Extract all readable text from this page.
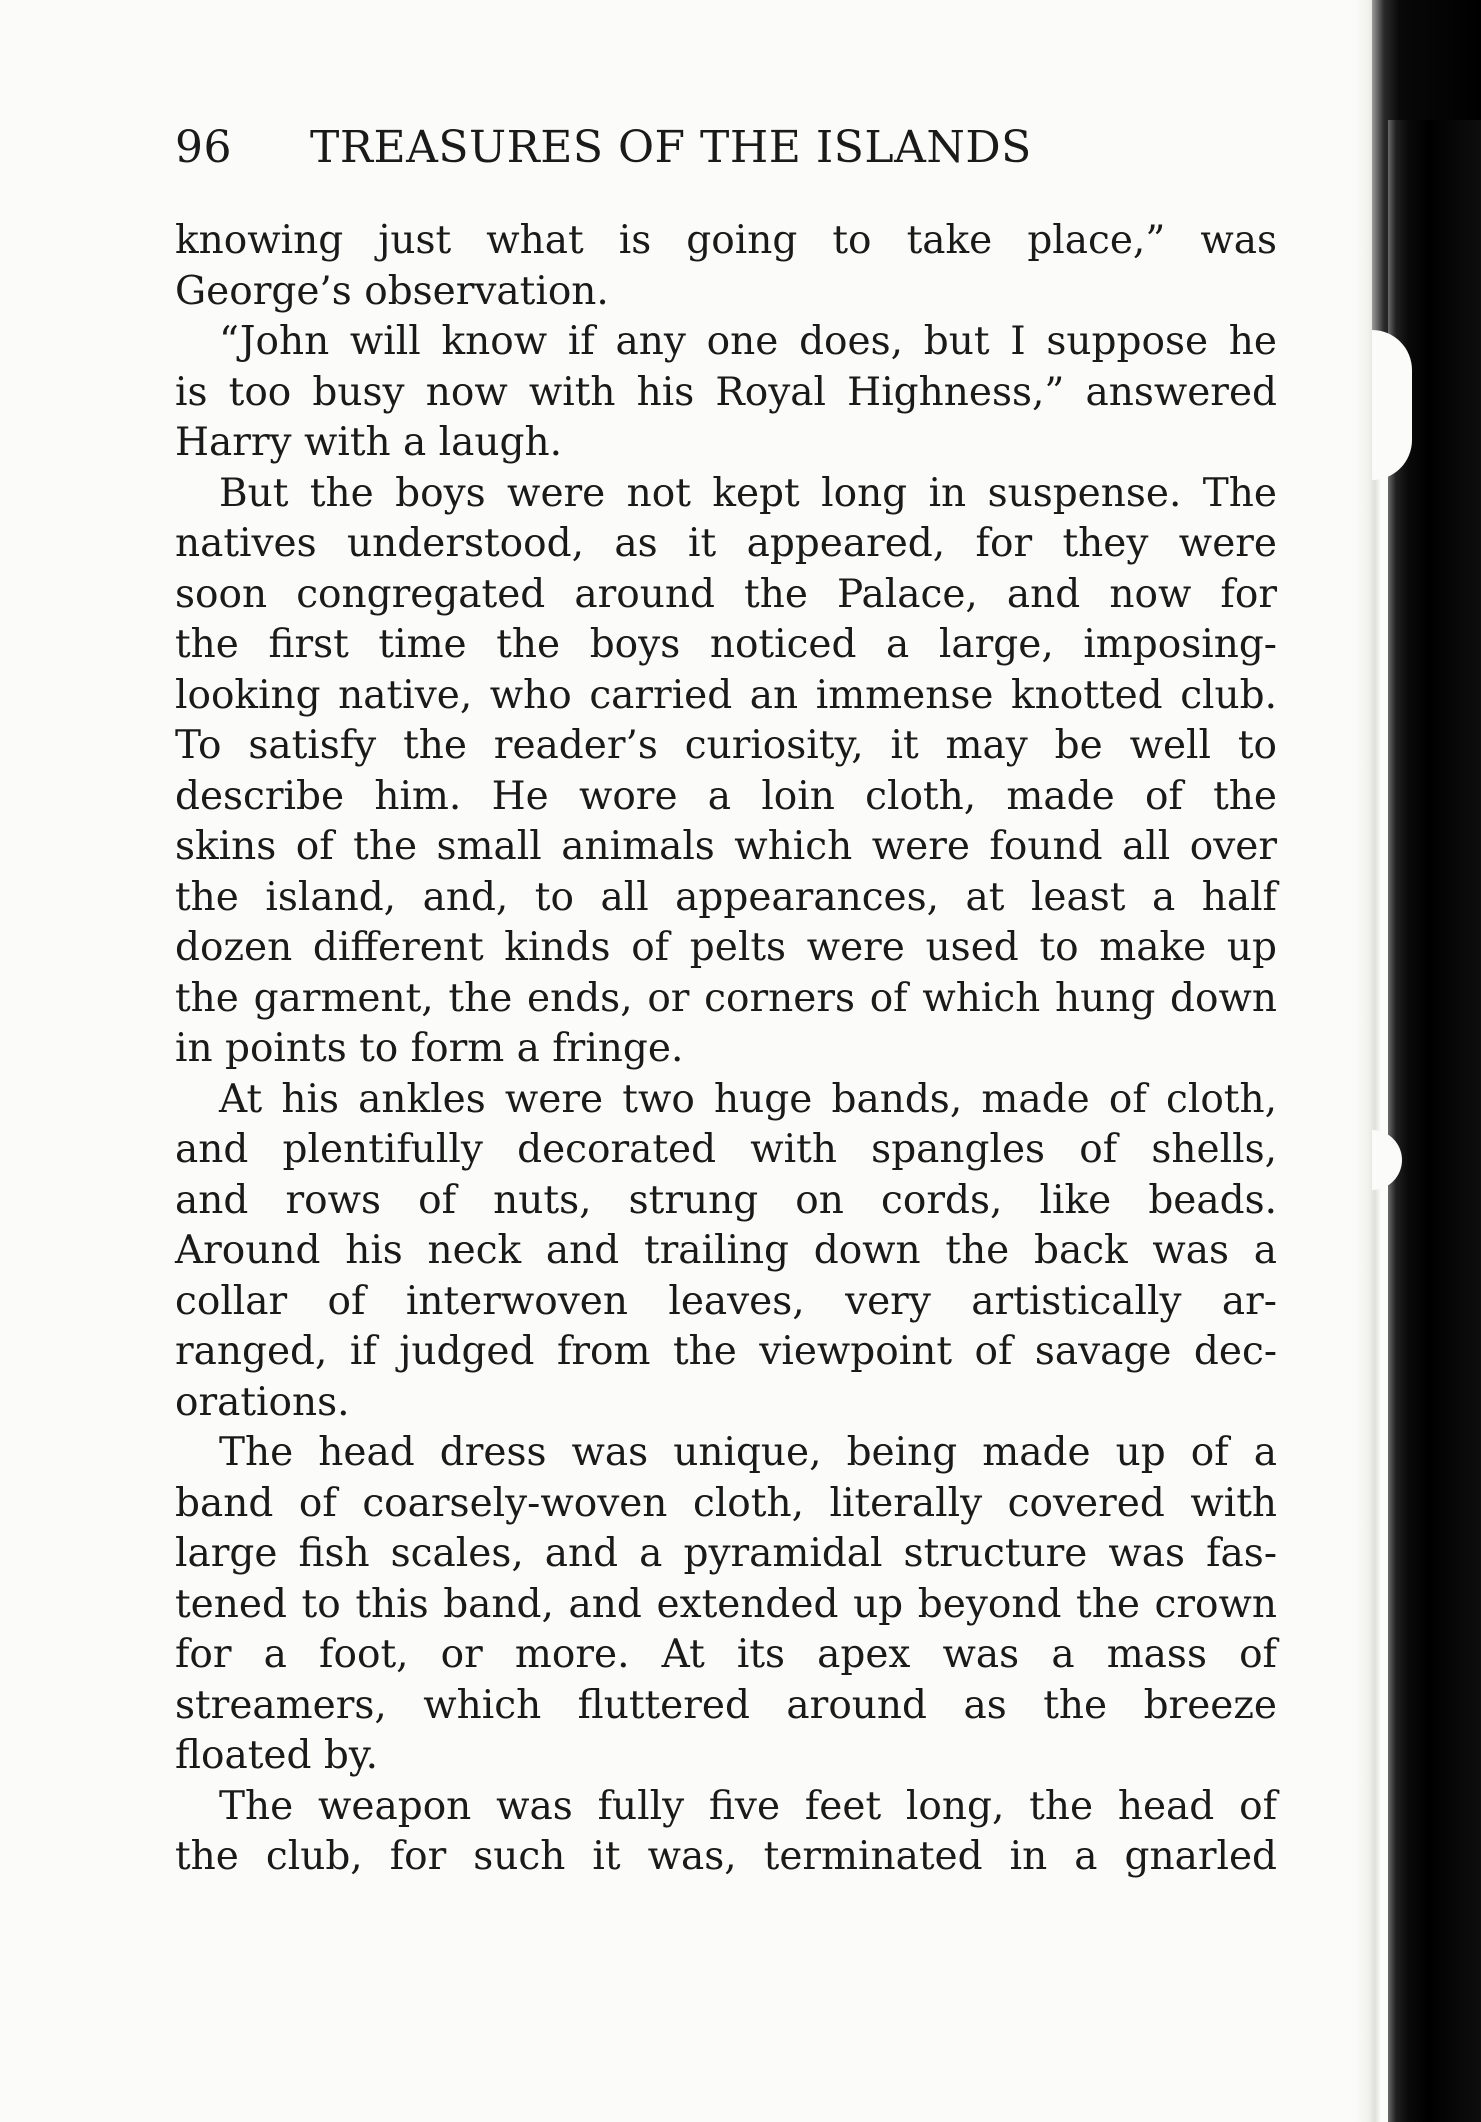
96 TREASURES OF THE ISLANDS
knowing just what is going to take place,” was
George’s observation.
“John will know if any one does, but I suppose he
is too busy now with his Royal Highness,” answered
Harry with a laugh.
But the boys were not kept long in suspense. The
natives understood, as it appeared, for they were
soon congregated around the Palace, and now for
the first time the boys noticed a large, imposing-
looking native, who carried an immense knotted club.
To satisfy the reader’s curiosity, it may be well to
describe him. He wore a loin cloth, made of the
skins of the small animals which were found all over
the island, and, to all appearances, at least a half
dozen different kinds of pelts were used to make up
the garment, the ends, or corners of which hung down
in points to form a fringe.
At his ankles were two huge bands, made of cloth,
and plentifully decorated with spangles of shells,
and rows of nuts, strung on cords, like beads.
Around his neck and trailing down the back was a
collar of interwoven leaves, very artistically ar-
ranged, if judged from the viewpoint of savage dec-
orations.
The head dress was unique, being made up of a
band of coarsely-woven cloth, literally covered with
large fish scales, and a pyramidal structure was fas-
tened to this band, and extended up beyond the crown
for a foot, or more. At its apex was a mass of
streamers, which fluttered around as the breeze
floated by.
The weapon was fully five feet long, the head of
the club, for such it was, terminated in a gnarled
